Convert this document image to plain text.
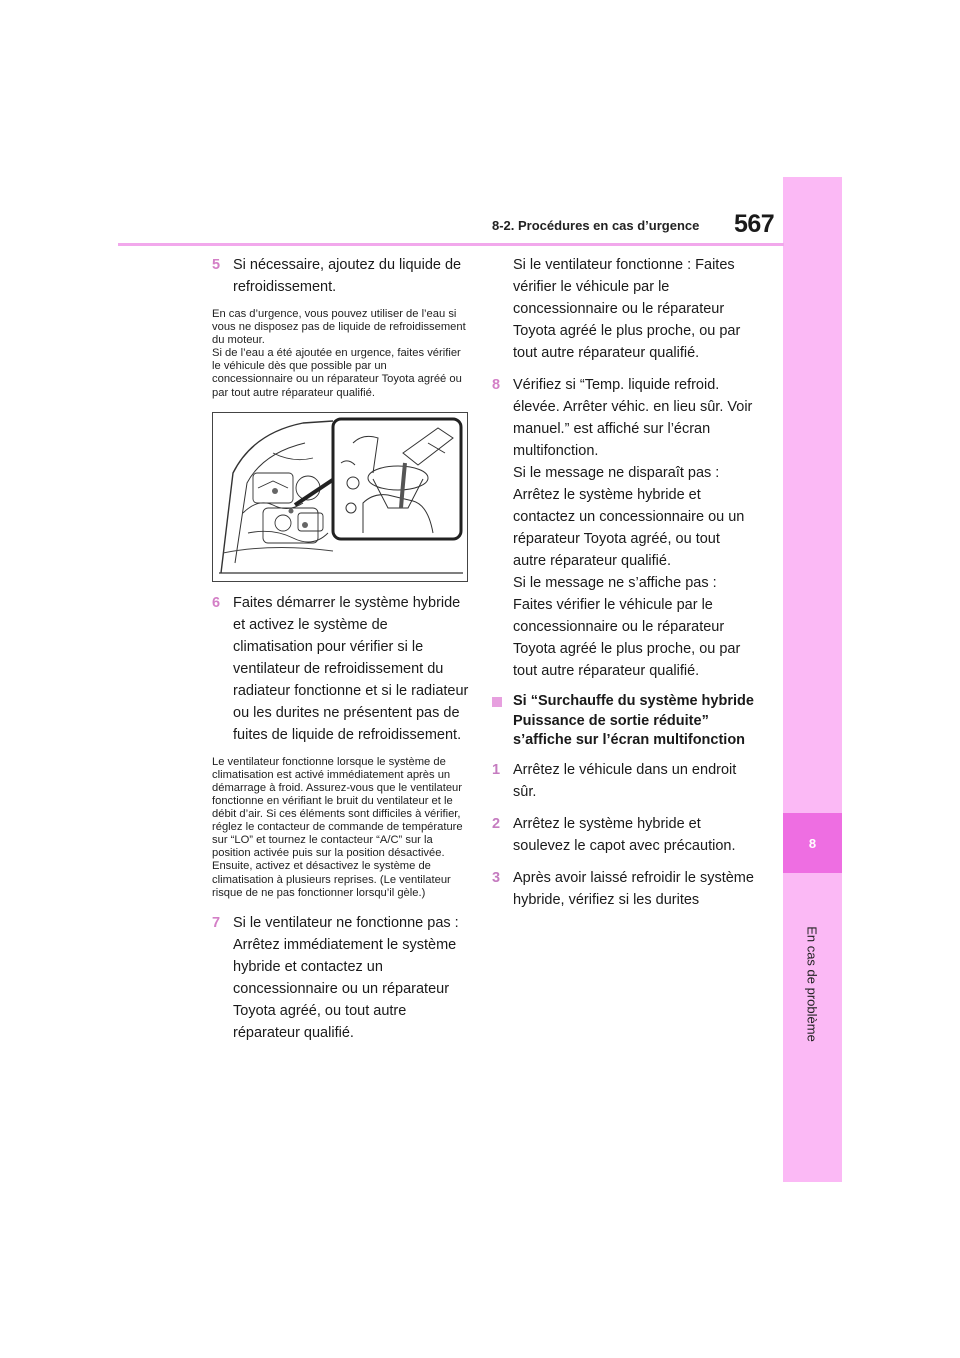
8
En cas de problème
8-2. Procédures en cas d’urgence 567
5 Si nécessaire, ajoutez du liquide de refroidissement.

En cas d’urgence, vous pouvez utiliser de l’eau si vous ne disposez pas de liquide de refroidissement du moteur.
Si de l’eau a été ajoutée en urgence, faites vérifier le véhicule dès que possible par un concessionnaire ou un réparateur Toyota agréé ou par tout autre réparateur qualifié.

6 Faites démarrer le système hybride et activez le système de climatisation pour vérifier si le ventilateur de refroidissement du radiateur fonctionne et si le radiateur ou les durites ne présentent pas de fuites de liquide de refroidissement.

Le ventilateur fonctionne lorsque le système de climatisation est activé immédiatement après un démarrage à froid. Assurez-vous que le ventilateur fonctionne en vérifiant le bruit du ventilateur et le débit d’air. Si ces éléments sont difficiles à vérifier, réglez le contacteur de commande de température sur “LO” et tournez le contacteur “A/C” sur la position activée puis sur la position désactivée. Ensuite, activez et désactivez le système de climatisation à plusieurs reprises. (Le ventilateur risque de ne pas fonctionner lorsqu’il gèle.)

7 Si le ventilateur ne fonctionne pas : Arrêtez immédiatement le système hybride et contactez un concessionnaire ou un réparateur Toyota agréé, ou tout autre réparateur qualifié.
Si le ventilateur fonctionne : Faites vérifier le véhicule par le concessionnaire ou le réparateur Toyota agréé le plus proche, ou par tout autre réparateur qualifié.
8 Vérifiez si “Temp. liquide refroid. élevée. Arrêter véhic. en lieu sûr. Voir manuel.” est affiché sur l’écran multifonction.
Si le message ne disparaît pas : Arrêtez le système hybride et contactez un concessionnaire ou un réparateur Toyota agréé, ou tout autre réparateur qualifié.
Si le message ne s’affiche pas : Faites vérifier le véhicule par le concessionnaire ou le réparateur Toyota agréé le plus proche, ou par tout autre réparateur qualifié.
Si “Surchauffe du système hybride Puissance de sortie réduite” s’affiche sur l’écran multifonction
1 Arrêtez le véhicule dans un endroit sûr.
2 Arrêtez le système hybride et soulevez le capot avec précaution.
3 Après avoir laissé refroidir le système hybride, vérifiez si les durites
